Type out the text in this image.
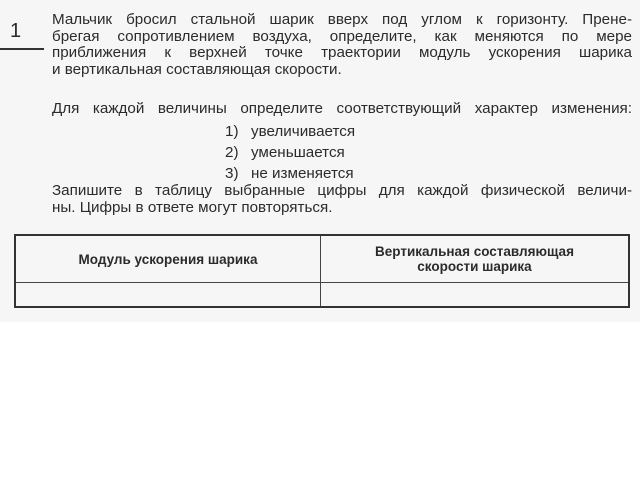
1
Мальчик бросил стальной шарик вверх под углом к горизонту. Прене-
брегая сопротивлением воздуха, определите, как меняются по мере
приближения к верхней точке траектории модуль ускорения шарика
и вертикальная составляющая скорости.
Для каждой величины определите соответствующий характер изменения:
1) увеличивается
2) уменьшается
3) не изменяется
Запишите в таблицу выбранные цифры для каждой физической величи-
ны. Цифры в ответе могут повторяться.
Модуль ускорения шарика	Вертикальная составляющая
скорости шарика
